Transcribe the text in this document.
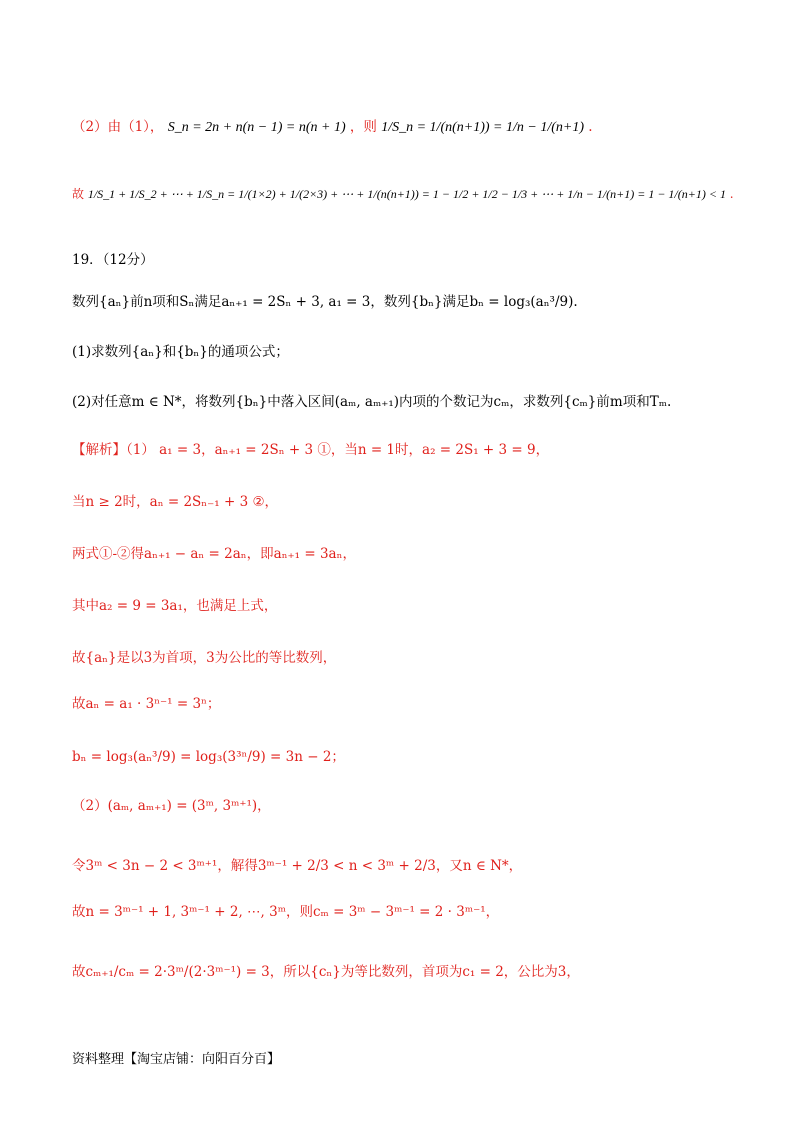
（2）由（1）， S_n = 2n + n(n − 1) = n(n + 1) ，则 1/S_n = 1/(n(n+1)) = 1/n − 1/(n+1) .
故 1/S_1 + 1/S_2 + ⋯ + 1/S_n = 1/(1×2) + 1/(2×3) + ⋯ + 1/(n(n+1)) = 1 − 1/2 + 1/2 − 1/3 + ⋯ + 1/n − 1/(n+1) = 1 − 1/(n+1) < 1 .
19．（12分）
数列{aₙ}前n项和Sₙ满足aₙ₊₁ = 2Sₙ + 3, a₁ = 3，数列{bₙ}满足bₙ = log₃(aₙ³/9).
(1)求数列{aₙ}和{bₙ}的通项公式；
(2)对任意m ∈ N*，将数列{bₙ}中落入区间(aₘ, aₘ₊₁)内项的个数记为cₘ，求数列{cₘ}前m项和Tₘ.
【解析】（1） a₁ = 3，aₙ₊₁ = 2Sₙ + 3 ①，当n = 1时，a₂ = 2S₁ + 3 = 9，
当n ≥ 2时，aₙ = 2Sₙ₋₁ + 3 ②，
两式①-②得aₙ₊₁ − aₙ = 2aₙ，即aₙ₊₁ = 3aₙ，
其中a₂ = 9 = 3a₁，也满足上式，
故{aₙ}是以3为首项，3为公比的等比数列，
故aₙ = a₁ · 3ⁿ⁻¹ = 3ⁿ；
bₙ = log₃(aₙ³/9) = log₃(3³ⁿ/9) = 3n − 2；
（2）(aₘ, aₘ₊₁) = (3ᵐ, 3ᵐ⁺¹)，
令3ᵐ < 3n − 2 < 3ᵐ⁺¹，解得3ᵐ⁻¹ + 2/3 < n < 3ᵐ + 2/3，又n ∈ N*，
故n = 3ᵐ⁻¹ + 1, 3ᵐ⁻¹ + 2, ⋯, 3ᵐ，则cₘ = 3ᵐ − 3ᵐ⁻¹ = 2 · 3ᵐ⁻¹，
故cₘ₊₁/cₘ = 2·3ᵐ/(2·3ᵐ⁻¹) = 3，所以{cₙ}为等比数列，首项为c₁ = 2，公比为3，
资料整理【淘宝店铺：向阳百分百】
